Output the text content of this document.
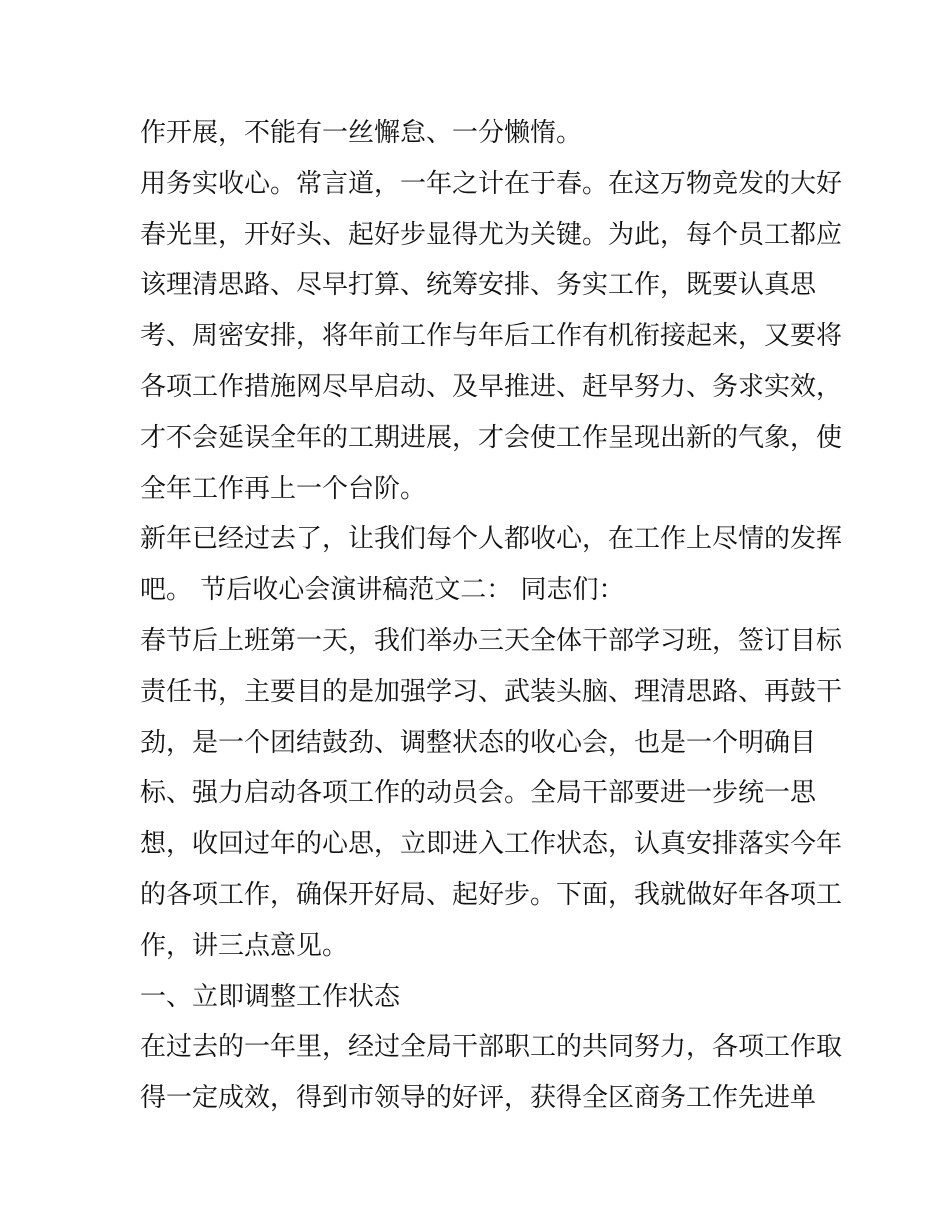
作开展，不能有一丝懈怠、一分懒惰。
用务实收心。常言道，一年之计在于春。在这万物竞发的大好
春光里，开好头、起好步显得尤为关键。为此，每个员工都应
该理清思路、尽早打算、统筹安排、务实工作，既要认真思
考、周密安排，将年前工作与年后工作有机衔接起来，又要将
各项工作措施网尽早启动、及早推进、赶早努力、务求实效，
才不会延误全年的工期进展，才会使工作呈现出新的气象，使
全年工作再上一个台阶。
新年已经过去了，让我们每个人都收心，在工作上尽情的发挥
吧。 节后收心会演讲稿范文二： 同志们：
春节后上班第一天，我们举办三天全体干部学习班，签订目标
责任书，主要目的是加强学习、武装头脑、理清思路、再鼓干
劲，是一个团结鼓劲、调整状态的收心会，也是一个明确目
标、强力启动各项工作的动员会。全局干部要进一步统一思
想，收回过年的心思，立即进入工作状态，认真安排落实今年
的各项工作，确保开好局、起好步。下面，我就做好年各项工
作，讲三点意见。
一、立即调整工作状态
在过去的一年里，经过全局干部职工的共同努力，各项工作取
得一定成效，得到市领导的好评，获得全区商务工作先进单
